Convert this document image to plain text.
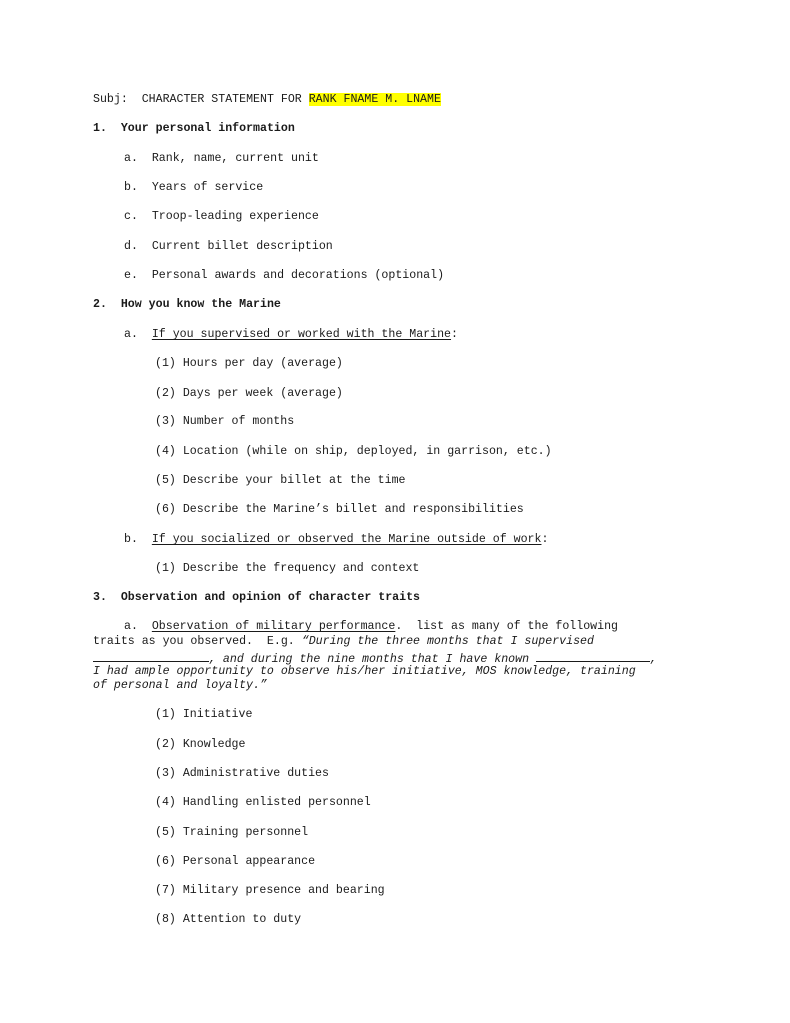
Subj: CHARACTER STATEMENT FOR RANK FNAME M. LNAME
1. Your personal information
a. Rank, name, current unit
b. Years of service
c. Troop-leading experience
d. Current billet description
e. Personal awards and decorations (optional)
2. How you know the Marine
a. If you supervised or worked with the Marine:
(1) Hours per day (average)
(2) Days per week (average)
(3) Number of months
(4) Location (while on ship, deployed, in garrison, etc.)
(5) Describe your billet at the time
(6) Describe the Marine’s billet and responsibilities
b. If you socialized or observed the Marine outside of work:
(1) Describe the frequency and context
3. Observation and opinion of character traits
a. Observation of military performance.  list as many of the following
traits as you observed.  E.g. “During the three months that I supervised
, and during the nine months that I have known	,
I had ample opportunity to observe his/her initiative, MOS knowledge, training
of personal and loyalty.”
(1) Initiative
(2) Knowledge
(3) Administrative duties
(4) Handling enlisted personnel
(5) Training personnel
(6) Personal appearance
(7) Military presence and bearing
(8) Attention to duty
